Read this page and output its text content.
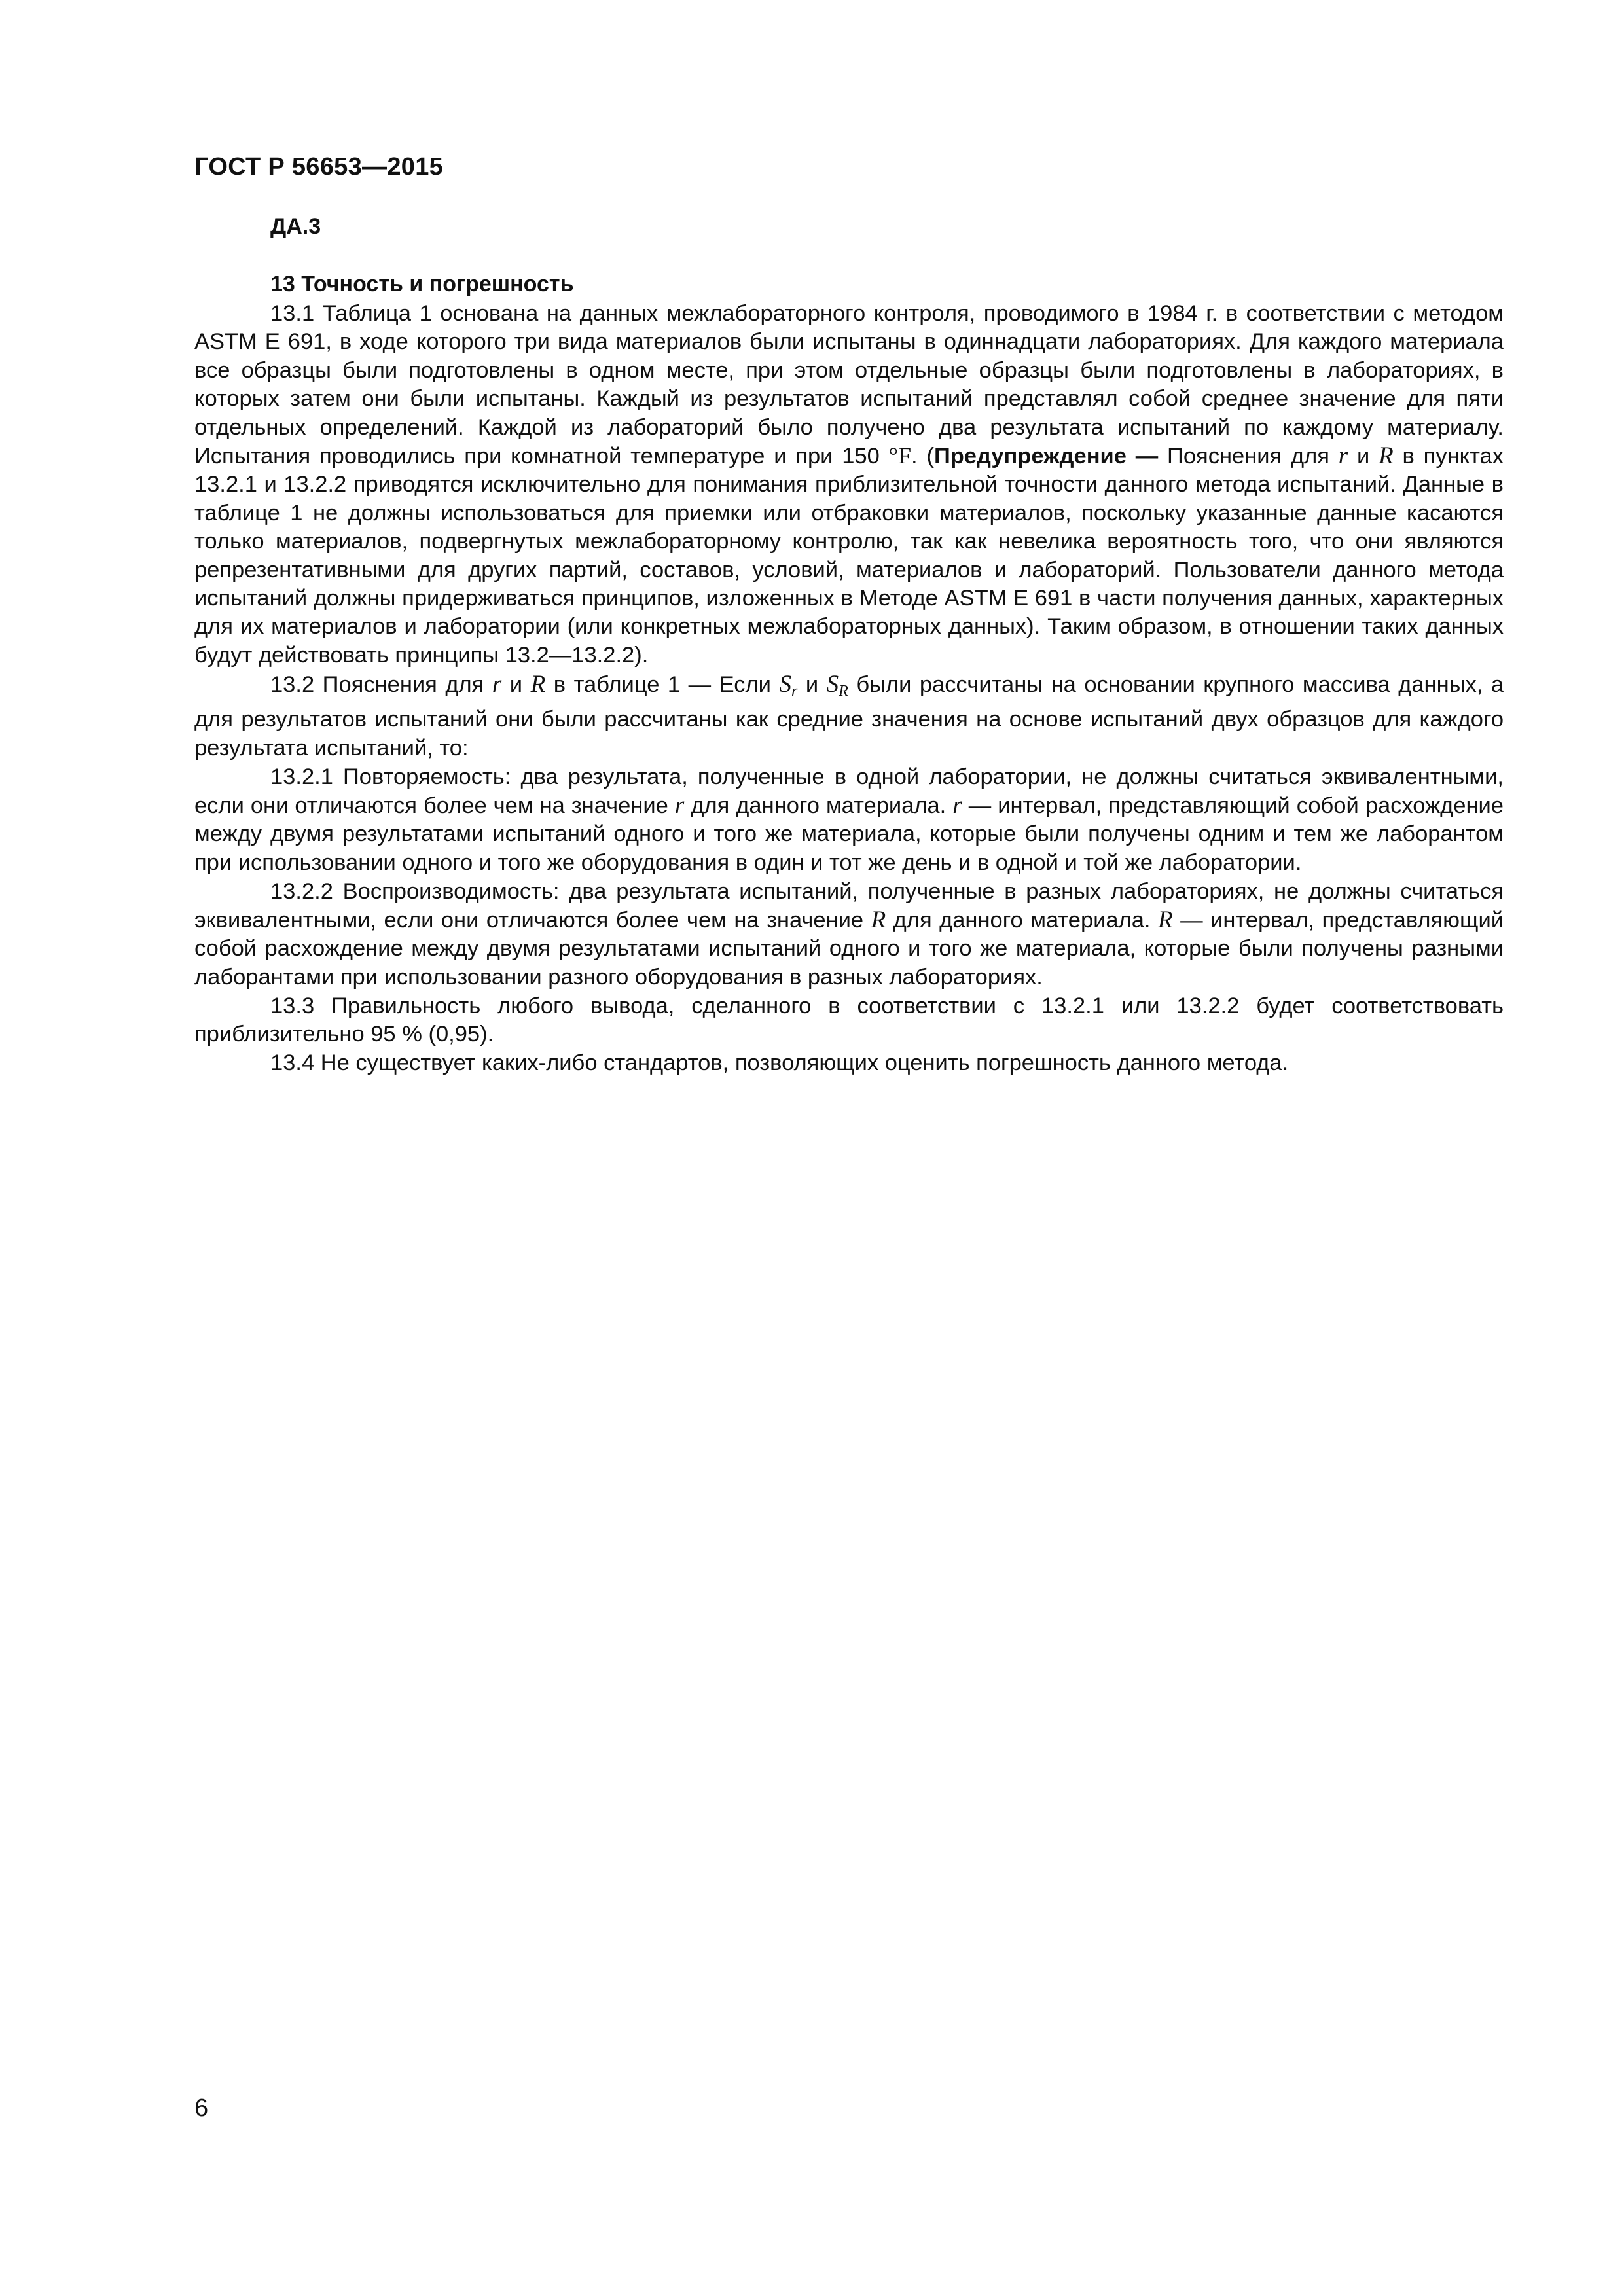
ГОСТ Р 56653—2015
ДА.3
13 Точность и погрешность

13.1 Таблица 1 основана на данных межлабораторного контроля, проводимого в 1984 г. в соответствии с методом ASTM E 691, в ходе которого три вида материалов были испытаны в одиннадцати лабораториях. Для каждого материала все образцы были подготовлены в одном месте, при этом отдельные образцы были подготовлены в лабораториях, в которых затем они были испытаны. Каждый из результатов испытаний представлял собой среднее значение для пяти отдельных определений. Каждой из лабораторий было получено два результата испытаний по каждому материалу. Испытания проводились при комнатной температуре и при 150 °F. (Предупреждение — Пояснения для r и R в пунктах 13.2.1 и 13.2.2 приводятся исключительно для понимания приблизительной точности данного метода испытаний. Данные в таблице 1 не должны использоваться для приемки или отбраковки материалов, поскольку указанные данные касаются только материалов, подвергнутых межлабораторному контролю, так как невелика вероятность того, что они являются репрезентативными для других партий, составов, условий, материалов и лабораторий. Пользователи данного метода испытаний должны придерживаться принципов, изложенных в Методе ASTM E 691 в части получения данных, характерных для их материалов и лаборатории (или конкретных межлабораторных данных). Таким образом, в отношении таких данных будут действовать принципы 13.2—13.2.2).

13.2 Пояснения для r и R в таблице 1 — Если $S_r$ и $S_R$ были рассчитаны на основании крупного массива данных, а для результатов испытаний они были рассчитаны как средние значения на основе испытаний двух образцов для каждого результата испытаний, то:

13.2.1 Повторяемость: два результата, полученные в одной лаборатории, не должны считаться эквивалентными, если они отличаются более чем на значение r для данного материала. r — интервал, представляющий собой расхождение между двумя результатами испытаний одного и того же материала, которые были получены одним и тем же лаборантом при использовании одного и того же оборудования в один и тот же день и в одной и той же лаборатории.

13.2.2 Воспроизводимость: два результата испытаний, полученные в разных лабораториях, не должны считаться эквивалентными, если они отличаются более чем на значение R для данного материала. R — интервал, представляющий собой расхождение между двумя результатами испытаний одного и того же материала, которые были получены разными лаборантами при использовании разного оборудования в разных лабораториях.

13.3 Правильность любого вывода, сделанного в соответствии с 13.2.1 или 13.2.2 будет соответствовать приблизительно 95 % (0,95).

13.4 Не существует каких-либо стандартов, позволяющих оценить погрешность данного метода.

6
